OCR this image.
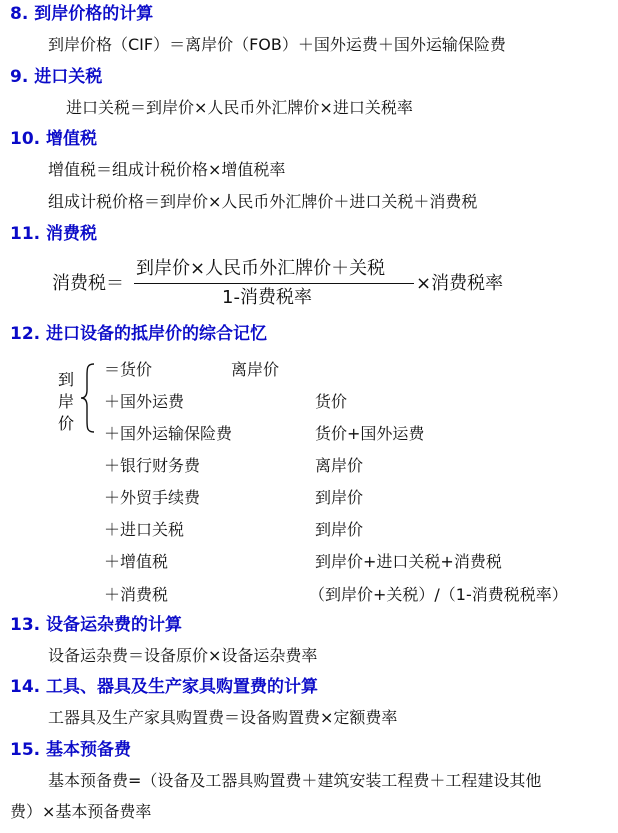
8. 到岸价格的计算
到岸价格（CIF）＝离岸价（FOB）＋国外运费＋国外运输保险费
9. 进口关税
进口关税＝到岸价×人民币外汇牌价×进口关税率
10. 增值税
增值税＝组成计税价格×增值税率
组成计税价格＝到岸价×人民币外汇牌价＋进口关税＋消费税
11. 消费税
消费税＝
到岸价×人民币外汇牌价＋关税
1-消费税率
×消费税率
12. 进口设备的抵岸价的综合记忆
到
岸
价
＝货价	离岸价
＋国外运费	货价
＋国外运输保险费	货价+国外运费
＋银行财务费	离岸价
＋外贸手续费	到岸价
＋进口关税	到岸价
＋增值税	到岸价+进口关税+消费税
＋消费税	（到岸价+关税）/（1-消费税税率）
13. 设备运杂费的计算
设备运杂费＝设备原价×设备运杂费率
14. 工具、器具及生产家具购置费的计算
工器具及生产家具购置费＝设备购置费×定额费率
15. 基本预备费
基本预备费=（设备及工器具购置费＋建筑安装工程费＋工程建设其他
费）×基本预备费率
